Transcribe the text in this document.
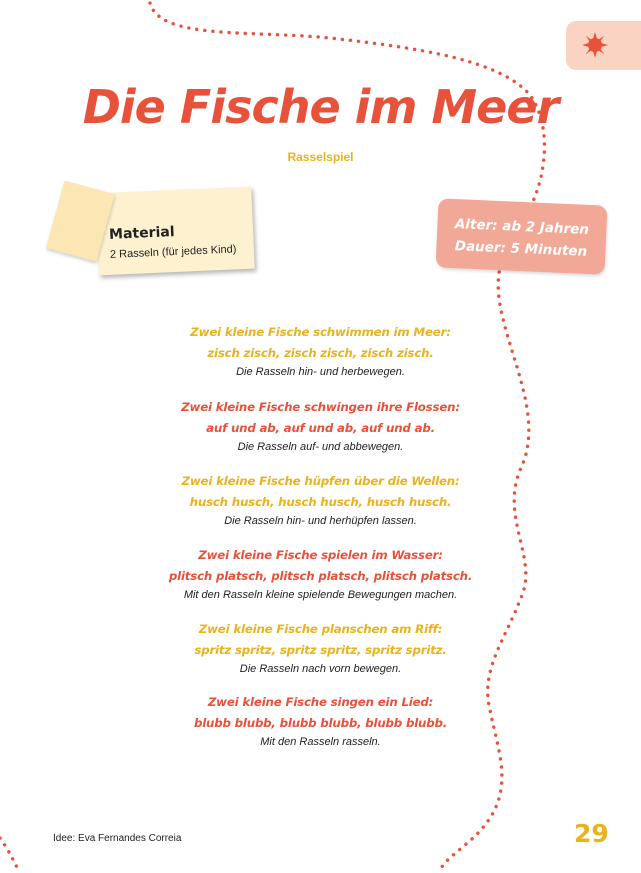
Die Fische im Meer
Rasselspiel
Material
2 Rasseln (für jedes Kind)
Alter: ab 2 Jahren
Dauer: 5 Minuten
Zwei kleine Fische schwimmen im Meer:
zisch zisch, zisch zisch, zisch zisch.
Die Rasseln hin- und herbewegen.
Zwei kleine Fische schwingen ihre Flossen:
auf und ab, auf und ab, auf und ab.
Die Rasseln auf- und abbewegen.
Zwei kleine Fische hüpfen über die Wellen:
husch husch, husch husch, husch husch.
Die Rasseln hin- und herhüpfen lassen.
Zwei kleine Fische spielen im Wasser:
plitsch platsch, plitsch platsch, plitsch platsch.
Mit den Rasseln kleine spielende Bewegungen machen.
Zwei kleine Fische planschen am Riff:
spritz spritz, spritz spritz, spritz spritz.
Die Rasseln nach vorn bewegen.
Zwei kleine Fische singen ein Lied:
blubb blubb, blubb blubb, blubb blubb.
Mit den Rasseln rasseln.
Idee: Eva Fernandes Correia	29
